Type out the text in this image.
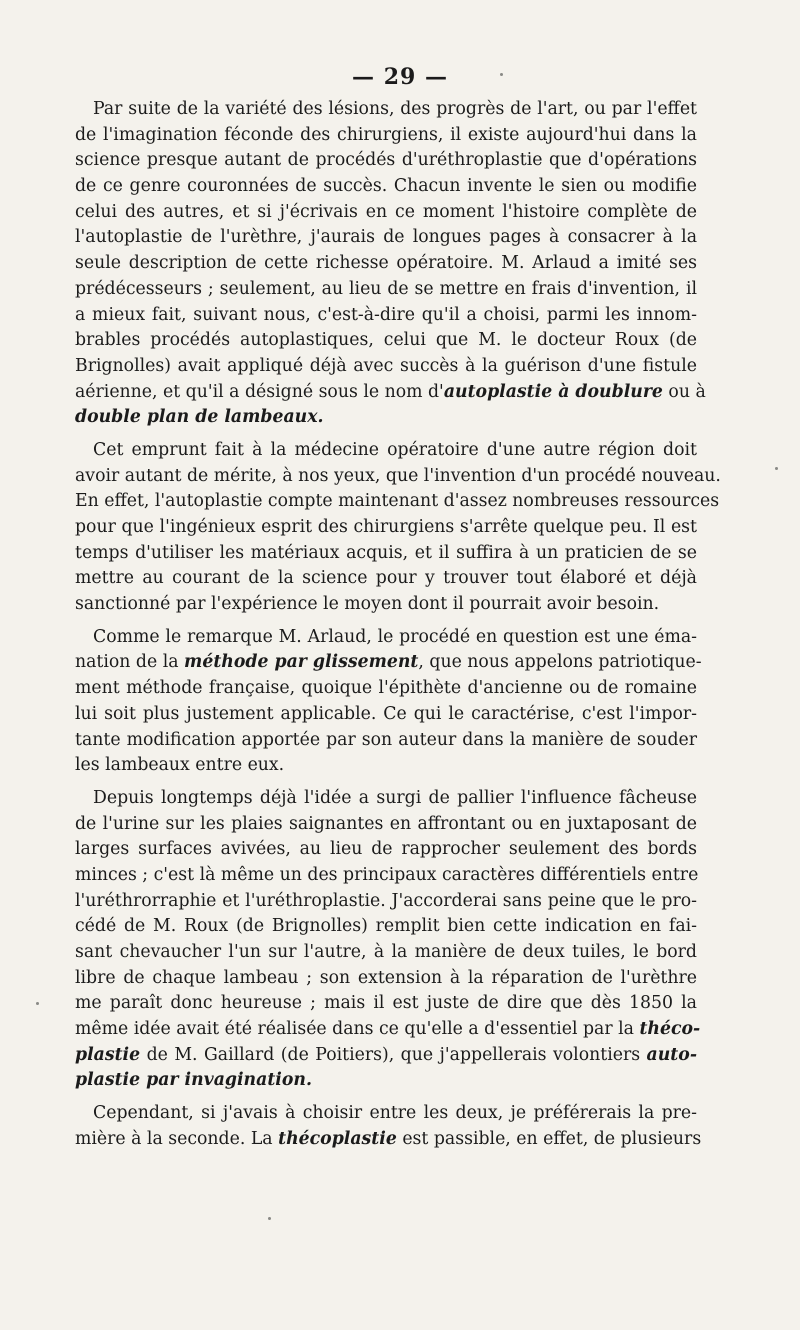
— 29 —
Par suite de la variété des lésions, des progrès de l'art, ou par l'effet
de l'imagination féconde des chirurgiens, il existe aujourd'hui dans la
science presque autant de procédés d'uréthroplastie que d'opérations
de ce genre couronnées de succès. Chacun invente le sien ou modifie
celui des autres, et si j'écrivais en ce moment l'histoire complète de
l'autoplastie de l'urèthre, j'aurais de longues pages à consacrer à la
seule description de cette richesse opératoire. M. Arlaud a imité ses
prédécesseurs ; seulement, au lieu de se mettre en frais d'invention, il
a mieux fait, suivant nous, c'est-à-dire qu'il a choisi, parmi les innom-
brables procédés autoplastiques, celui que M. le docteur Roux (de
Brignolles) avait appliqué déjà avec succès à la guérison d'une fistule
aérienne, et qu'il a désigné sous le nom d'autoplastie à doublure ou à
double plan de lambeaux.
Cet emprunt fait à la médecine opératoire d'une autre région doit
avoir autant de mérite, à nos yeux, que l'invention d'un procédé nouveau.
En effet, l'autoplastie compte maintenant d'assez nombreuses ressources
pour que l'ingénieux esprit des chirurgiens s'arrête quelque peu. Il est
temps d'utiliser les matériaux acquis, et il suffira à un praticien de se
mettre au courant de la science pour y trouver tout élaboré et déjà
sanctionné par l'expérience le moyen dont il pourrait avoir besoin.
Comme le remarque M. Arlaud, le procédé en question est une éma-
nation de la méthode par glissement, que nous appelons patriotique-
ment méthode française, quoique l'épithète d'ancienne ou de romaine
lui soit plus justement applicable. Ce qui le caractérise, c'est l'impor-
tante modification apportée par son auteur dans la manière de souder
les lambeaux entre eux.
Depuis longtemps déjà l'idée a surgi de pallier l'influence fâcheuse
de l'urine sur les plaies saignantes en affrontant ou en juxtaposant de
larges surfaces avivées, au lieu de rapprocher seulement des bords
minces ; c'est là même un des principaux caractères différentiels entre
l'uréthrorraphie et l'uréthroplastie. J'accorderai sans peine que le pro-
cédé de M. Roux (de Brignolles) remplit bien cette indication en fai-
sant chevaucher l'un sur l'autre, à la manière de deux tuiles, le bord
libre de chaque lambeau ; son extension à la réparation de l'urèthre
me paraît donc heureuse ; mais il est juste de dire que dès 1850 la
même idée avait été réalisée dans ce qu'elle a d'essentiel par la théco-
plastie de M. Gaillard (de Poitiers), que j'appellerais volontiers auto-
plastie par invagination.
Cependant, si j'avais à choisir entre les deux, je préférerais la pre-
mière à la seconde. La thécoplastie est passible, en effet, de plusieurs
